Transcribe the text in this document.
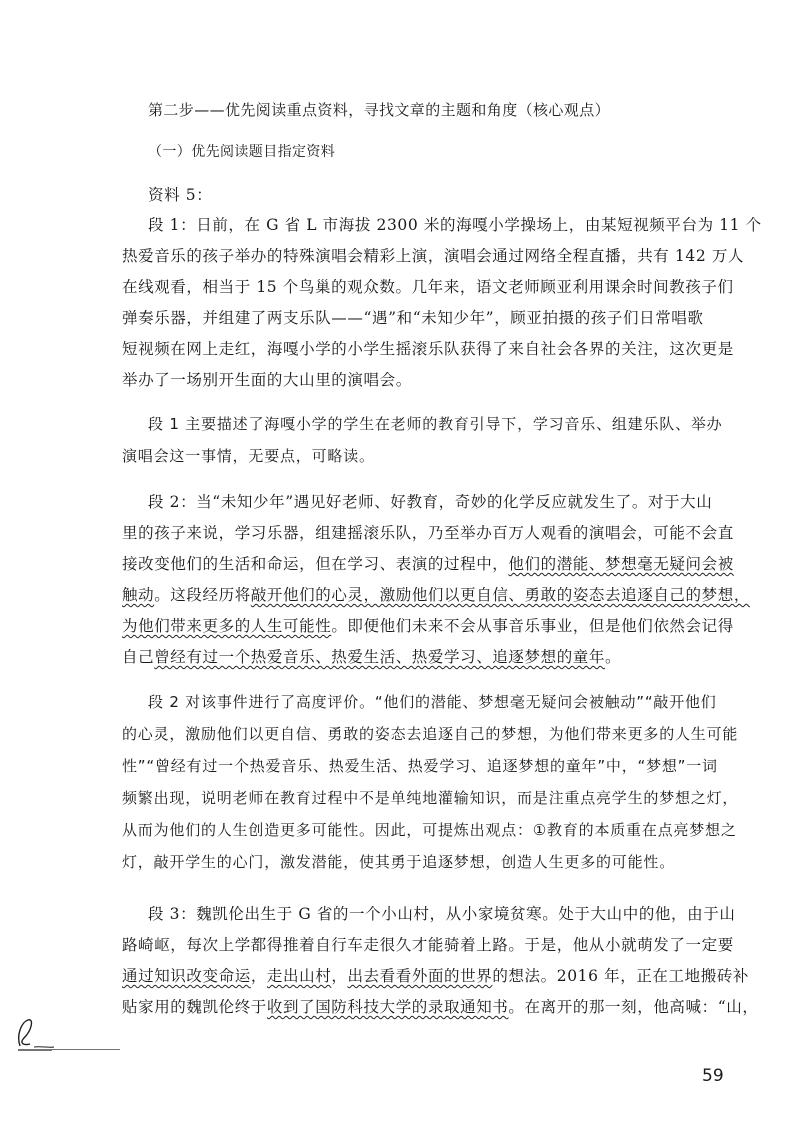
第二步——优先阅读重点资料，寻找文章的主题和角度（核心观点）
（一）优先阅读题目指定资料
资料 5：
段 1：日前，在 G 省 L 市海拔 2300 米的海嘎小学操场上，由某短视频平台为 11 个
热爱音乐的孩子举办的特殊演唱会精彩上演，演唱会通过网络全程直播，共有 142 万人
在线观看，相当于 15 个鸟巢的观众数。几年来，语文老师顾亚利用课余时间教孩子们
弹奏乐器，并组建了两支乐队——“遇”和“未知少年”，顾亚拍摄的孩子们日常唱歌
短视频在网上走红，海嘎小学的小学生摇滚乐队获得了来自社会各界的关注，这次更是
举办了一场别开生面的大山里的演唱会。
段 1 主要描述了海嘎小学的学生在老师的教育引导下，学习音乐、组建乐队、举办
演唱会这一事情，无要点，可略读。
段 2：当“未知少年”遇见好老师、好教育，奇妙的化学反应就发生了。对于大山
里的孩子来说，学习乐器，组建摇滚乐队，乃至举办百万人观看的演唱会，可能不会直
接改变他们的生活和命运，但在学习、表演的过程中，他们的潜能、梦想毫无疑问会被
触动。这段经历将敲开他们的心灵，激励他们以更自信、勇敢的姿态去追逐自己的梦想，
为他们带来更多的人生可能性。即便他们未来不会从事音乐事业，但是他们依然会记得
自己曾经有过一个热爱音乐、热爱生活、热爱学习、追逐梦想的童年。
段 2 对该事件进行了高度评价。“他们的潜能、梦想毫无疑问会被触动”“敲开他们
的心灵，激励他们以更自信、勇敢的姿态去追逐自己的梦想，为他们带来更多的人生可能
性”“曾经有过一个热爱音乐、热爱生活、热爱学习、追逐梦想的童年”中，“梦想”一词
频繁出现，说明老师在教育过程中不是单纯地灌输知识，而是注重点亮学生的梦想之灯，
从而为他们的人生创造更多可能性。因此，可提炼出观点：①教育的本质重在点亮梦想之
灯，敲开学生的心门，激发潜能，使其勇于追逐梦想，创造人生更多的可能性。
段 3：魏凯伦出生于 G 省的一个小山村，从小家境贫寒。处于大山中的他，由于山
路崎岖，每次上学都得推着自行车走很久才能骑着上路。于是，他从小就萌发了一定要
通过知识改变命运，走出山村，出去看看外面的世界的想法。2016 年，正在工地搬砖补
贴家用的魏凯伦终于收到了国防科技大学的录取通知书。在离开的那一刻，他高喊：“山，
59
